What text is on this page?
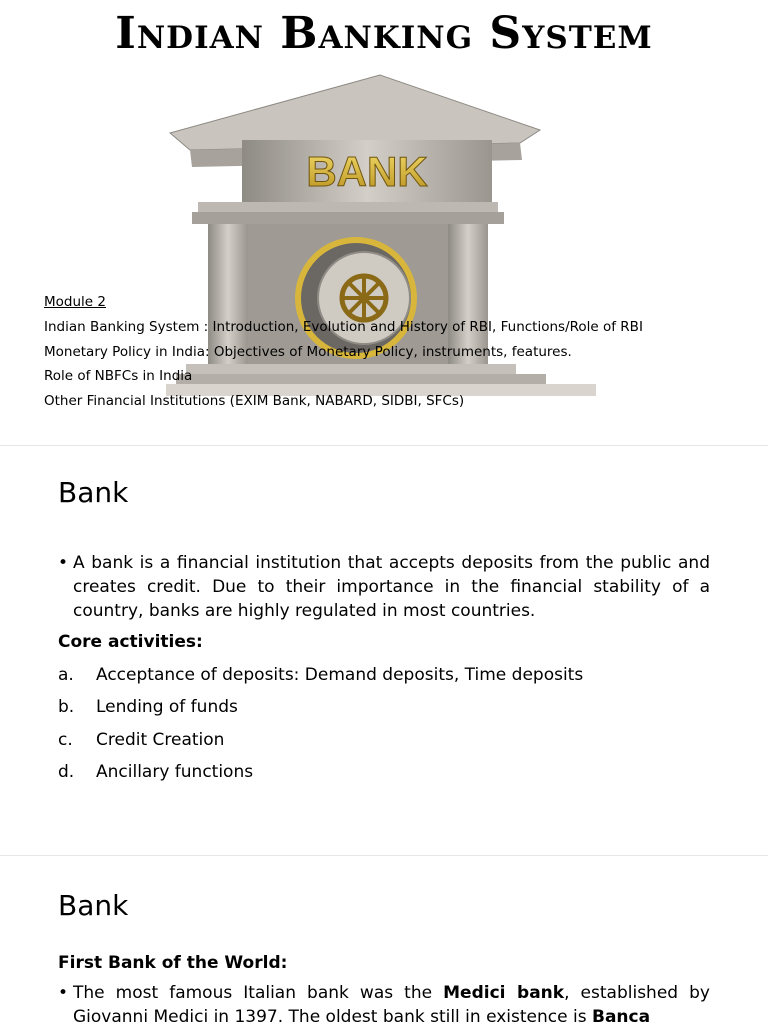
Indian Banking System
BANK
Module 2
Indian Banking System : Introduction, Evolution and History of RBI, Functions/Role of RBI
Monetary Policy in India: Objectives of Monetary Policy, instruments, features.
Role of NBFCs in India
Other Financial Institutions (EXIM Bank, NABARD, SIDBI, SFCs)
Bank
• A bank is a financial institution that accepts deposits from the public and creates credit. Due to their importance in the financial stability of a country, banks are highly regulated in most countries.
Core activities:
a.	Acceptance of deposits: Demand deposits, Time deposits
b.	Lending of funds
c.	Credit Creation
d.	Ancillary functions
Bank
First Bank of the World:
• The most famous Italian bank was the Medici bank, established by Giovanni Medici in 1397. The oldest bank still in existence is Banca
